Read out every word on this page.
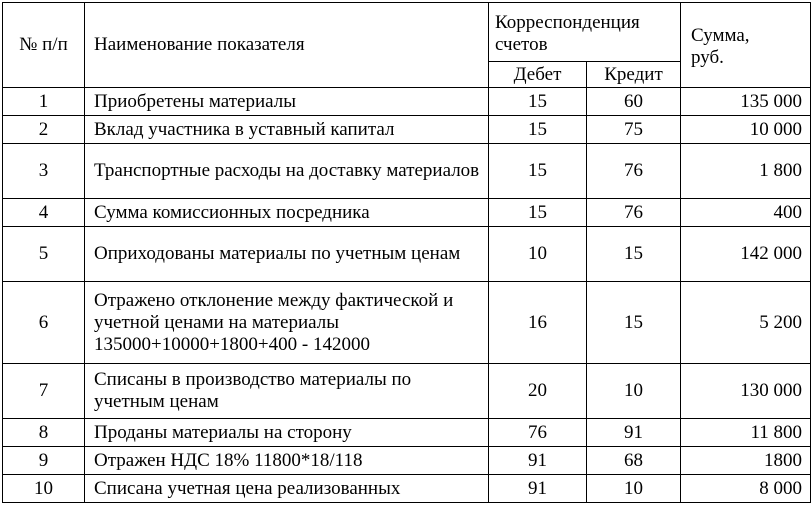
№ п/п	Наименование показателя	Корреспонденция счетов		Сумма, руб.

		Дебет	Кредит	
1	Приобретены материалы	15	60	135 000
2	Вклад участника в уставный капитал	15	75	10 000
3	Транспортные расходы на доставку материалов	15	76	1 800
4	Сумма комиссионных посредника	15	76	400
5	Оприходованы материалы по учетным ценам	10	15	142 000
6	Отражено отклонение между фактической и учетной ценами на материалы 135000+10000+1800+400 - 142000	16	15	5 200
7	Списаны в производство материалы по учетным ценам	20	10	130 000
8	Проданы материалы на сторону	76	91	11 800
9	Отражен НДС 18% 11800*18/118	91	68	1800
10	Списана учетная цена реализованных	91	10	8 000
